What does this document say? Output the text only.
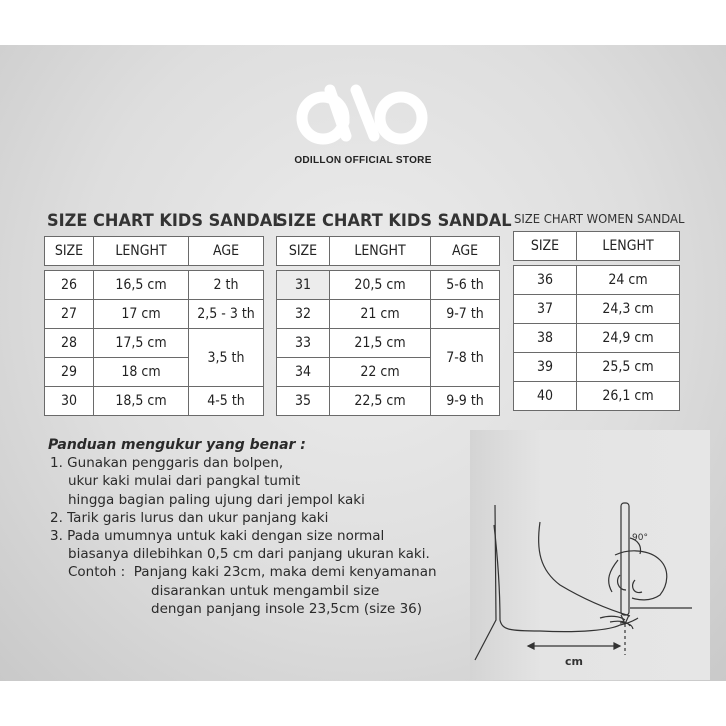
ODILLON OFFICIAL STORE
SIZE CHART KIDS SANDAL
SIZE	LENGHT	AGE
26	16,5 cm	2 th
27	17 cm	2,5 - 3 th
28	17,5 cm	3,5 th
29	18 cm	
30	18,5 cm	4-5 th
SIZE CHART KIDS SANDAL
SIZE	LENGHT	AGE
31	20,5 cm	5-6 th
32	21 cm	9-7 th
33	21,5 cm	7-8 th
34	22 cm	
35	22,5 cm	9-9 th
SIZE CHART WOMEN SANDAL
SIZE	LENGHT
36	24 cm
37	24,3 cm
38	24,9 cm
39	25,5 cm
40	26,1 cm
Panduan mengukur yang benar :
1. Gunakan penggaris dan bolpen,
ukur kaki mulai dari pangkal tumit
hingga bagian paling ujung dari jempol kaki
2. Tarik garis lurus dan ukur panjang kaki
3. Pada umumnya untuk kaki dengan size normal
biasanya dilebihkan 0,5 cm dari panjang ukuran kaki.
Contoh :  Panjang kaki 23cm, maka demi kenyamanan
disarankan untuk mengambil size
dengan panjang insole 23,5cm (size 36)
90°
cm
